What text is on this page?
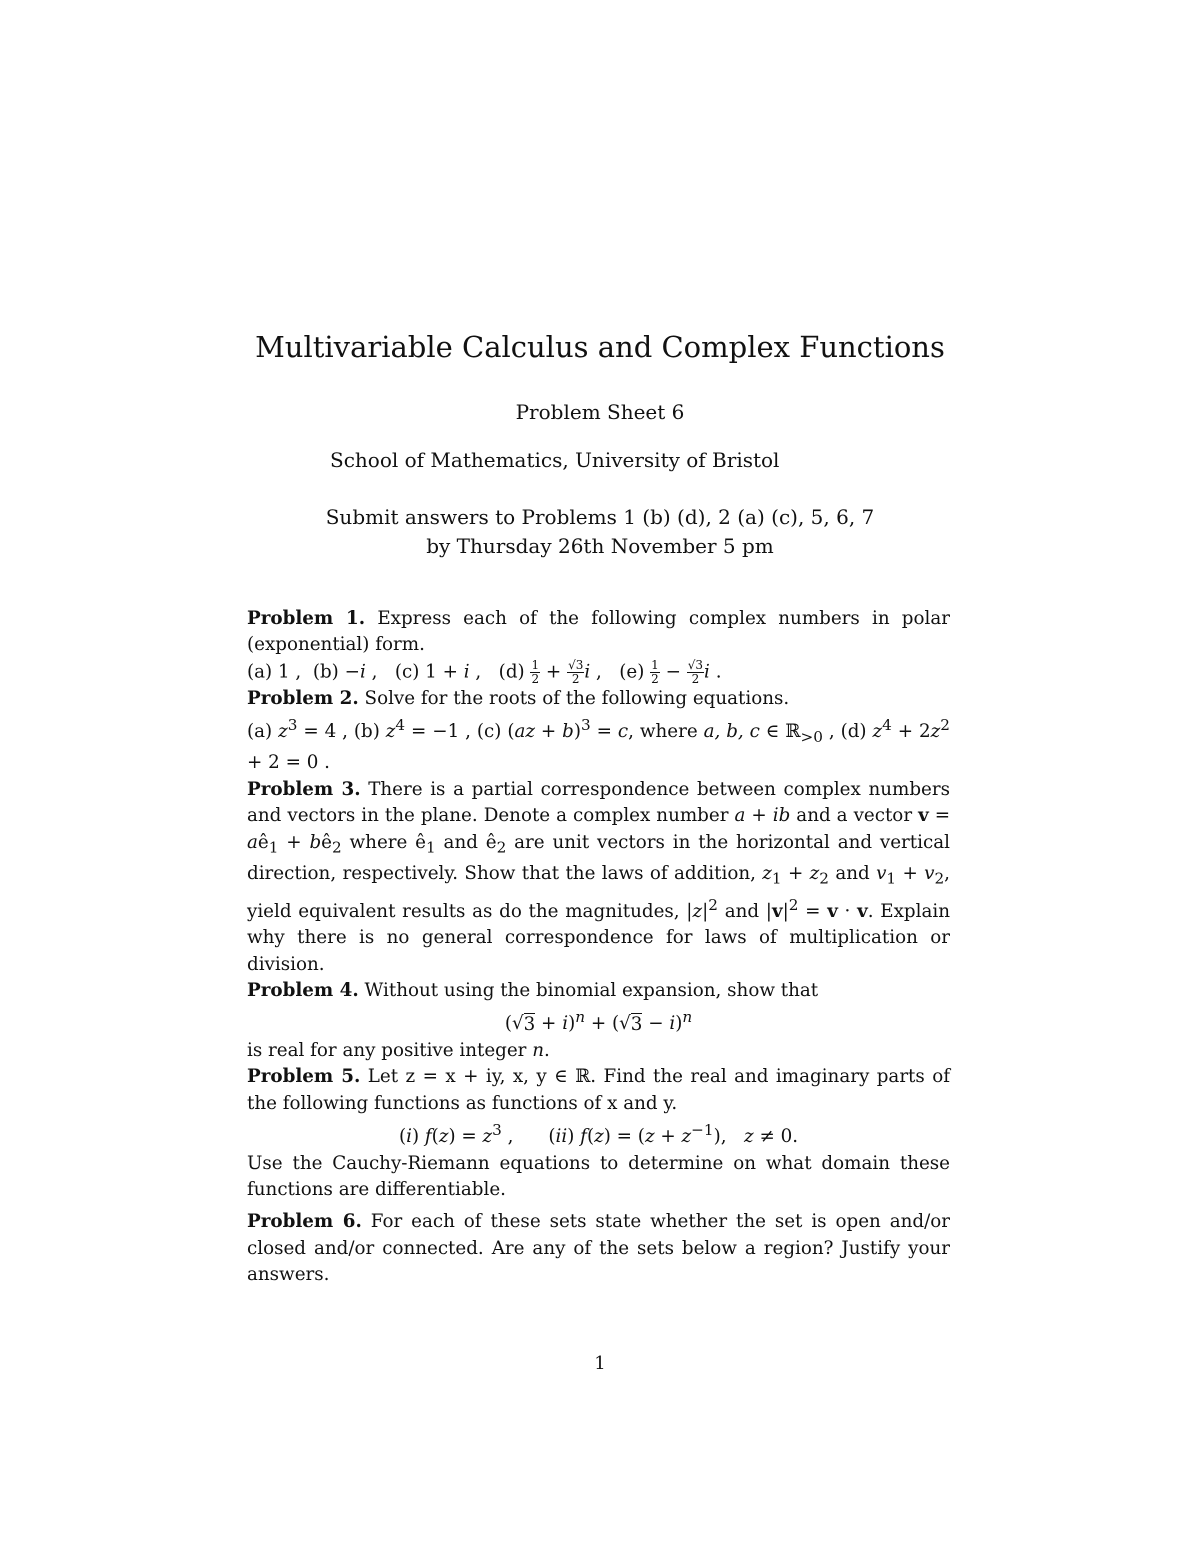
Multivariable Calculus and Complex Functions
Problem Sheet 6
School of Mathematics, University of Bristol
Submit answers to Problems 1 (b) (d), 2 (a) (c), 5, 6, 7
by Thursday 26th November 5 pm

Problem 1. Express each of the following complex numbers in polar (exponential) form.

(a) 1 ,  (b) −i ,   (c) 1 + i ,   $(d) \frac{1}{2} + \frac{√3}{2}$ i ,   $(e) \frac{1}{2} - \frac{√3}{2}$ i .

Problem 2. Solve for the roots of the following equations.

(a) $z^3 = 4$ , (b) $z^4 = -1$ , (c) (az + b)$^3$ = c, where a, b, c ∈ ℝ$_{>0}$ , (d) $z^4 + 2z^2 + 2 = 0$ .

Problem 3. There is a partial correspondence between complex numbers and vectors in the plane. Denote a complex number a + ib and a vector $v = aê_1$ + $bê_2$ where $ê_1$ and $ê_2$ are unit vectors in the horizontal and vertical direction, respectively. Show that the laws of addition, $z_1 + z_2$ and $v_1 + v_2$, yield equivalent results as do the magnitudes, $|z|^2$ and $|v|^2 = v \cdot v$. Explain why there is no general correspondence for laws of multiplication or division.

Problem 4. Without using the binomial expansion, show that

$(√3 + i)^n + (√3 - i)^n$

is real for any positive integer n.

Problem 5. Let z = x + iy, x, y ∈ ℝ. Find the real and imaginary parts of the following functions as functions of x and y.

(i) $f(z) = z^3$ ,      (ii) $f(z) = (z + z^{-1})$,   z ≠ 0.

Use the Cauchy-Riemann equations to determine on what domain these functions are differentiable.

Problem 6. For each of these sets state whether the set is open and/or closed and/or connected. Are any of the sets below a region? Justify your answers.

1
